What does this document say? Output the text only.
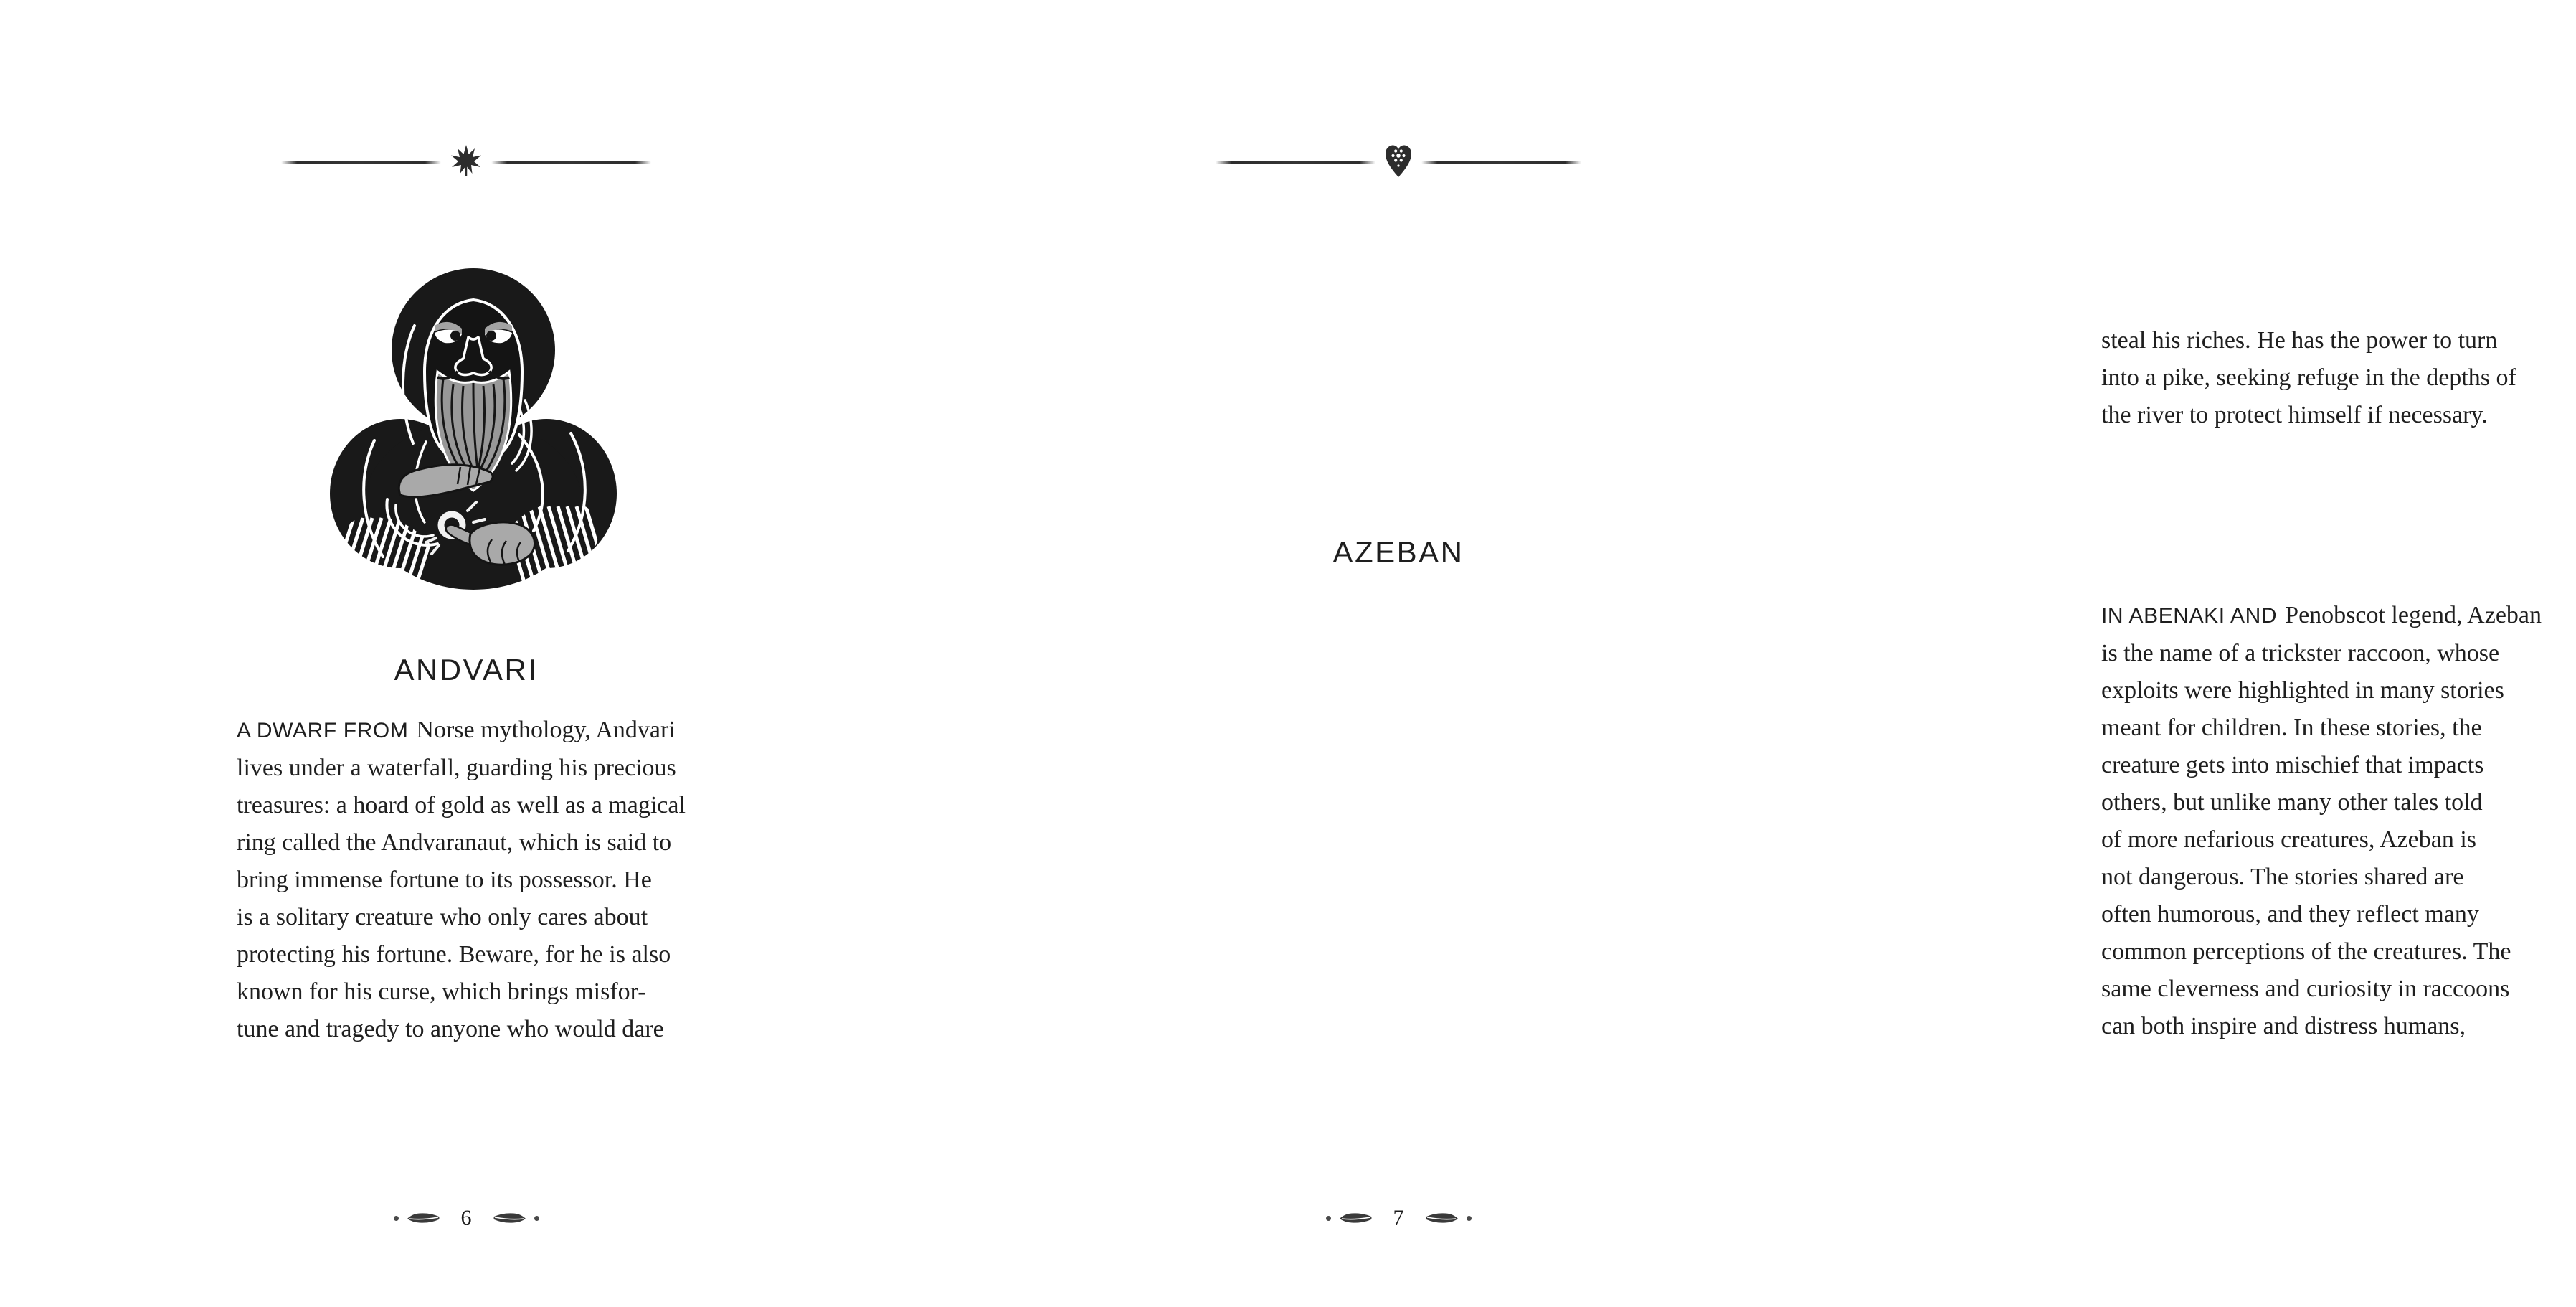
ANDVARI

A DWARF FROM Norse mythology, Andvari

lives under a waterfall, guarding his precious

treasures: a hoard of gold as well as a magical

ring called the Andvaranaut, which is said to

bring immense fortune to its possessor. He

is a solitary creature who only cares about

protecting his fortune. Beware, for he is also

known for his curse, which brings misfor-

tune and tragedy to anyone who would dare

6

steal his riches. He has the power to turn

into a pike, seeking refuge in the depths of

the river to protect himself if necessary.

AZEBAN

IN ABENAKI AND Penobscot legend, Azeban

is the name of a trickster raccoon, whose

exploits were highlighted in many stories

meant for children. In these stories, the

creature gets into mischief that impacts

others, but unlike many other tales told

of more nefarious creatures, Azeban is

not dangerous. The stories shared are

often humorous, and they reflect many

common perceptions of the creatures. The

same cleverness and curiosity in raccoons

can both inspire and distress humans,

7
